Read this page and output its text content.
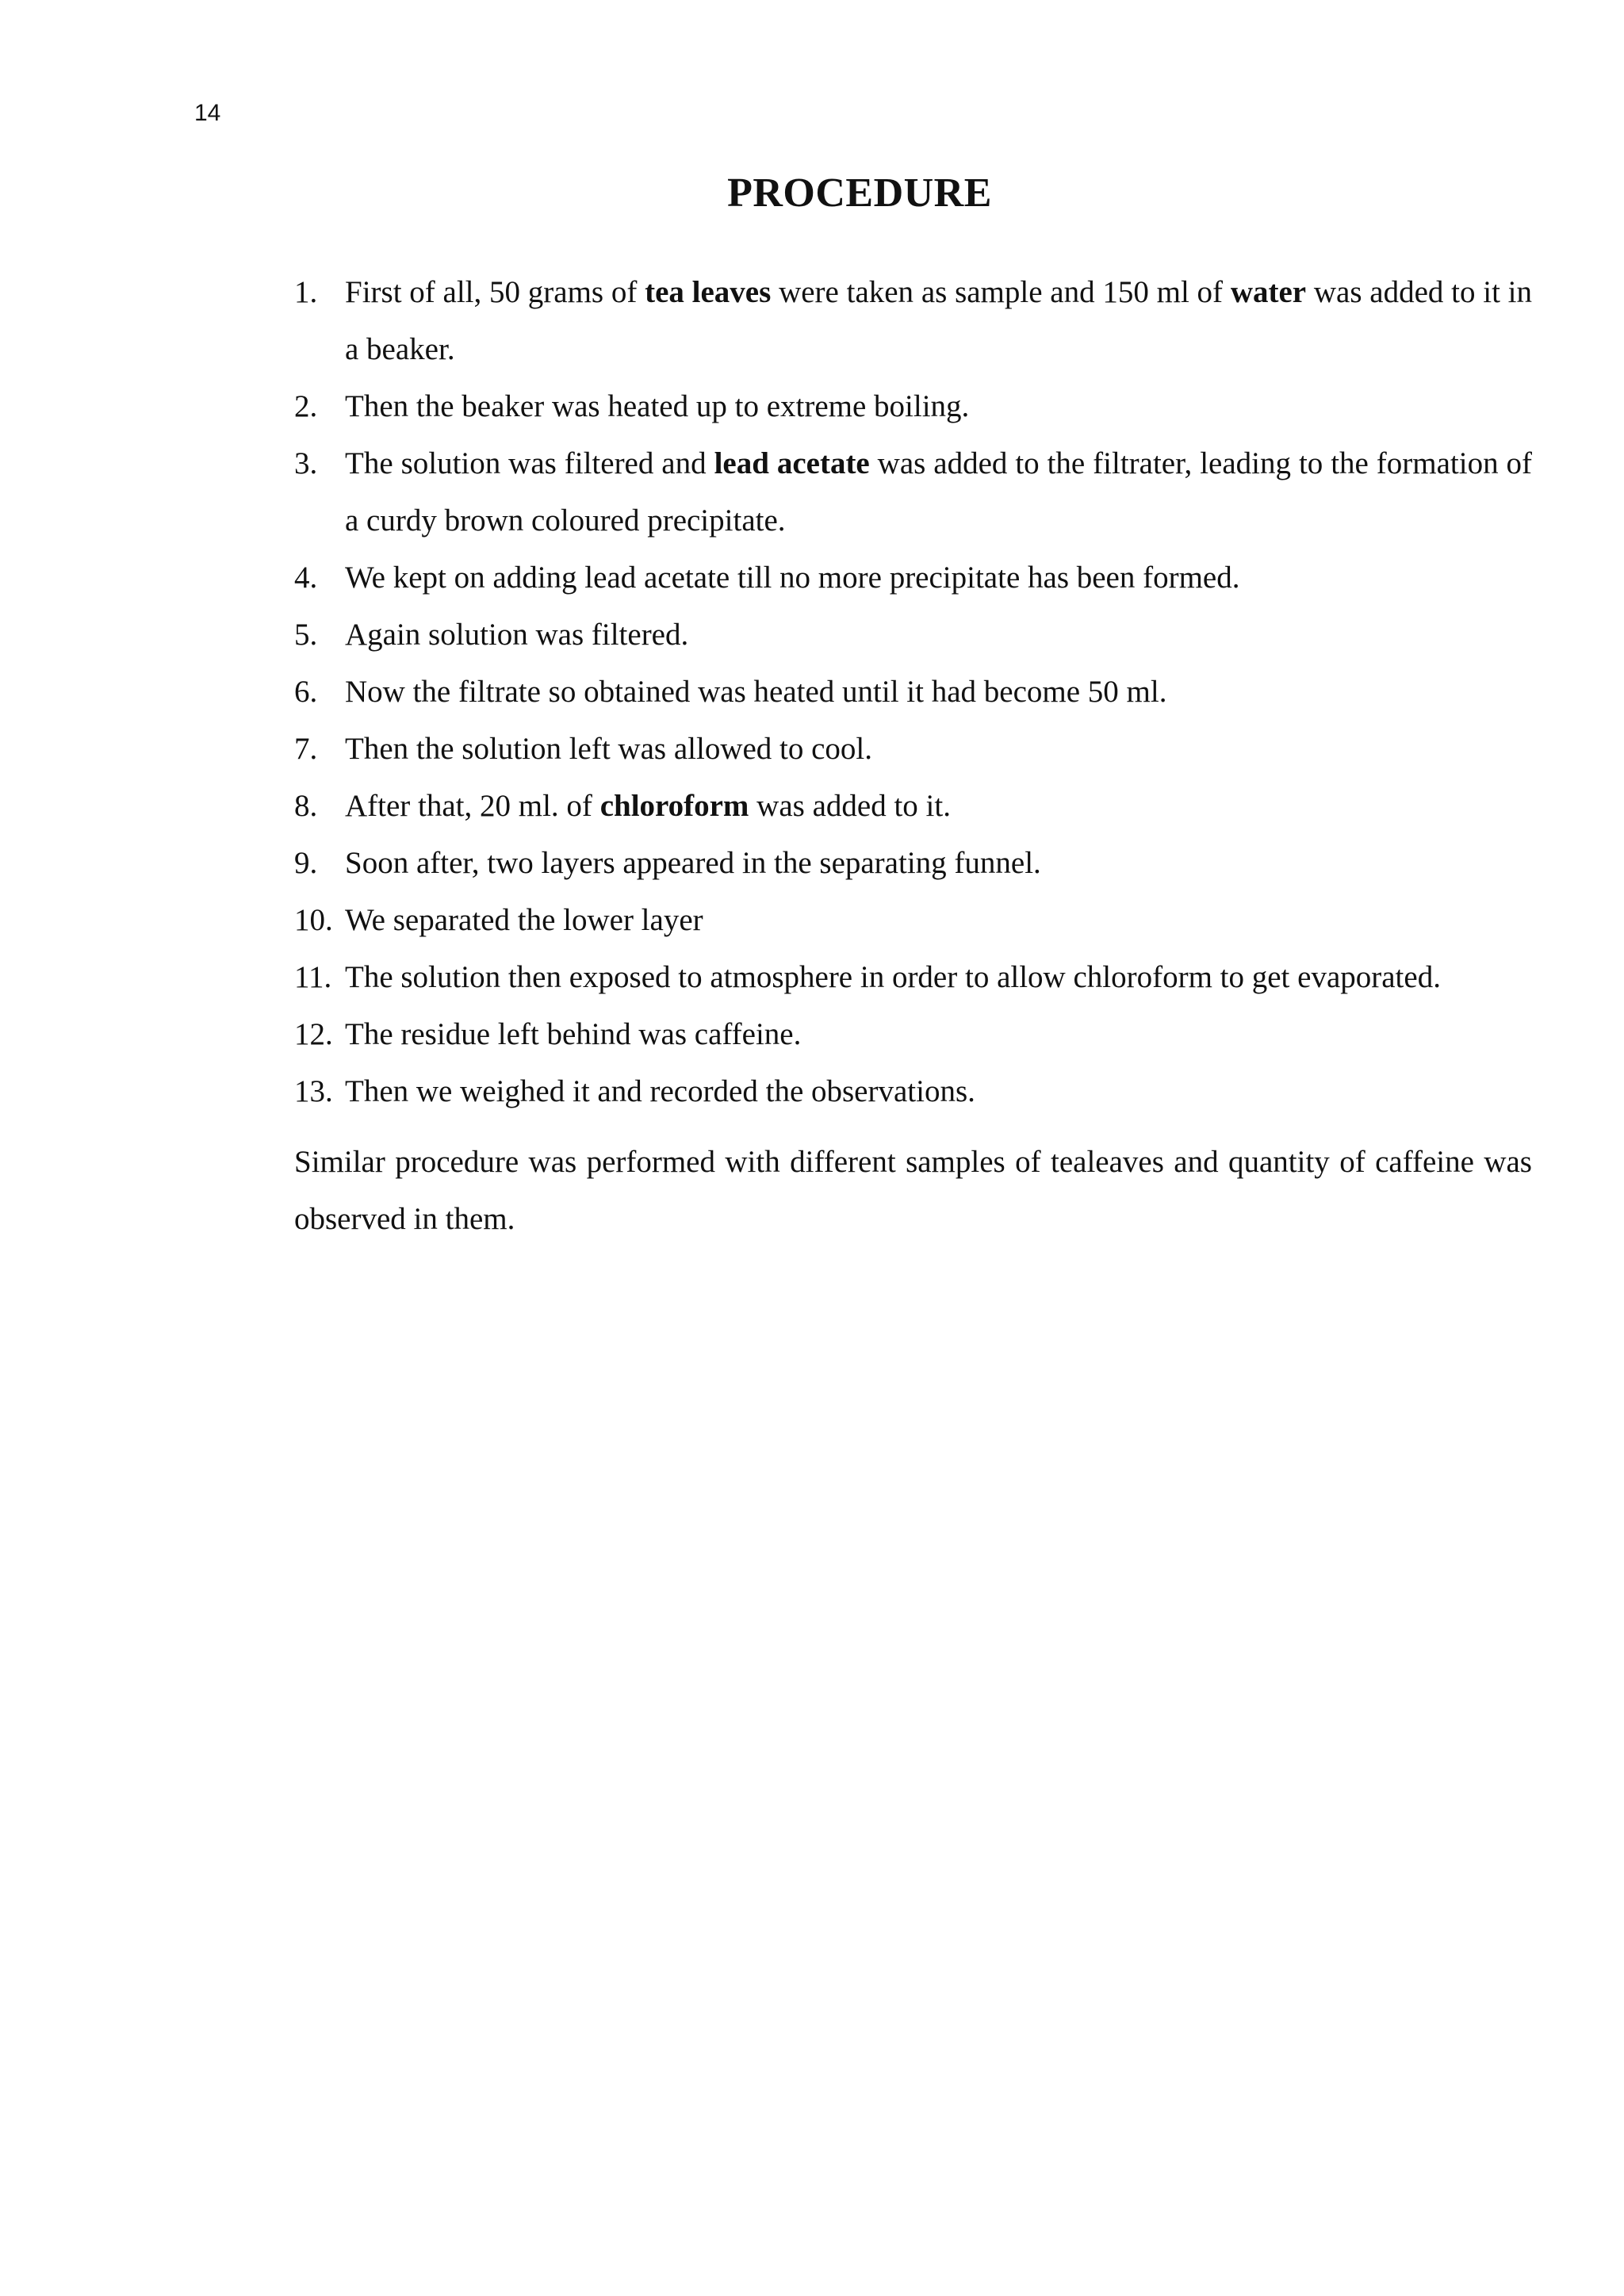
14
PROCEDURE
1. First of all, 50 grams of tea leaves were taken as sample and 150 ml of water was added to it in a beaker.
2. Then the beaker was heated up to extreme boiling.
3. The solution was filtered and lead acetate was added to the filtrater, leading to the formation of a curdy brown coloured precipitate.
4. We kept on adding lead acetate till no more precipitate has been formed.
5. Again solution was filtered.
6. Now the filtrate so obtained was heated until it had become 50 ml.
7. Then the solution left was allowed to cool.
8. After that, 20 ml. of chloroform was added to it.
9. Soon after, two layers appeared in the separating funnel.
10. We separated the lower layer
11. The solution then exposed to atmosphere in order to allow chloroform to get evaporated.
12. The residue left behind was caffeine.
13. Then we weighed it and recorded the observations.

Similar procedure was performed with different samples of tealeaves and quantity of caffeine was observed in them.
